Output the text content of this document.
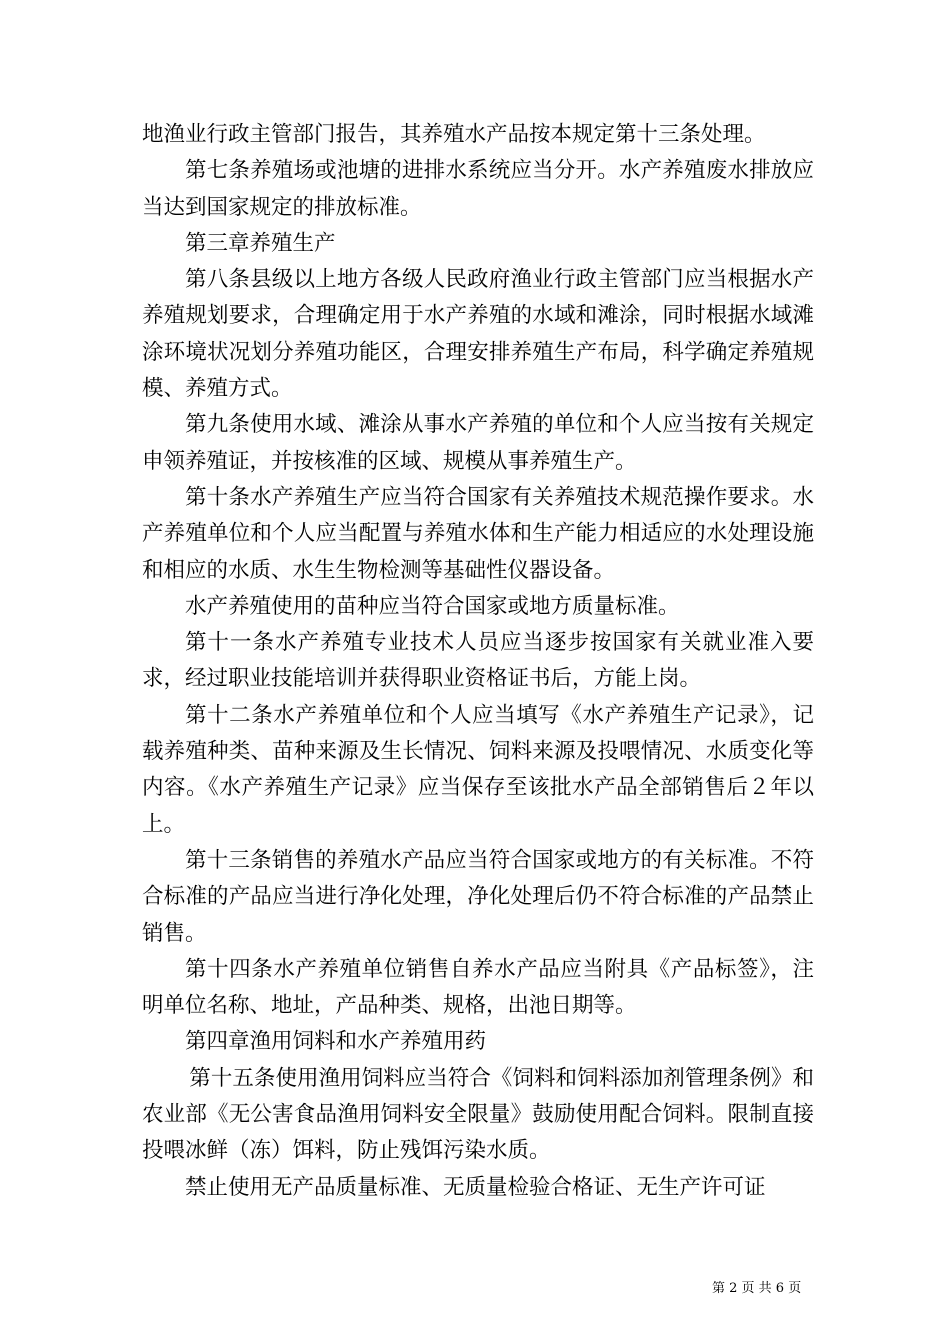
地渔业行政主管部门报告，其养殖水产品按本规定第十三条处理。

第七条养殖场或池塘的进排水系统应当分开。水产养殖废水排放应当达到国家规定的排放标准。

第三章养殖生产

第八条县级以上地方各级人民政府渔业行政主管部门应当根据水产养殖规划要求，合理确定用于水产养殖的水域和滩涂，同时根据水域滩涂环境状况划分养殖功能区，合理安排养殖生产布局，科学确定养殖规模、养殖方式。

第九条使用水域、滩涂从事水产养殖的单位和个人应当按有关规定申领养殖证，并按核准的区域、规模从事养殖生产。

第十条水产养殖生产应当符合国家有关养殖技术规范操作要求。水产养殖单位和个人应当配置与养殖水体和生产能力相适应的水处理设施和相应的水质、水生生物检测等基础性仪器设备。

水产养殖使用的苗种应当符合国家或地方质量标准。

第十一条水产养殖专业技术人员应当逐步按国家有关就业准入要求，经过职业技能培训并获得职业资格证书后，方能上岗。

第十二条水产养殖单位和个人应当填写《水产养殖生产记录》，记载养殖种类、苗种来源及生长情况、饲料来源及投喂情况、水质变化等内容。《水产养殖生产记录》应当保存至该批水产品全部销售后２年以上。

第十三条销售的养殖水产品应当符合国家或地方的有关标准。不符合标准的产品应当进行净化处理，净化处理后仍不符合标准的产品禁止销售。

第十四条水产养殖单位销售自养水产品应当附具《产品标签》，注明单位名称、地址，产品种类、规格，出池日期等。

第四章渔用饲料和水产养殖用药

第十五条使用渔用饲料应当符合《饲料和饲料添加剂管理条例》和农业部《无公害食品渔用饲料安全限量》鼓励使用配合饲料。限制直接投喂冰鲜（冻）饵料，防止残饵污染水质。

禁止使用无产品质量标准、无质量检验合格证、无生产许可证

第 2 页 共 6 页
